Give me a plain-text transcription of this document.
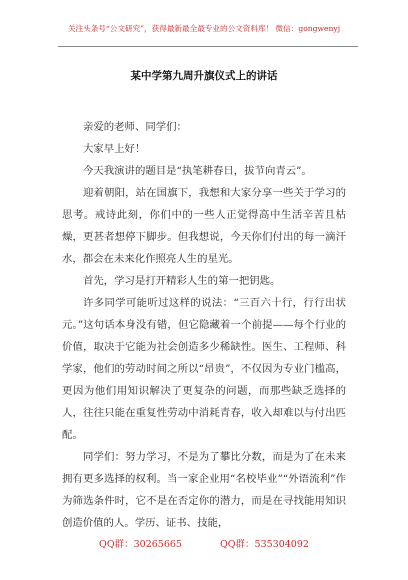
关注头条号“公文研究”，获得最新最全最专业的公文资料库！ 微信：gongwenyj
某中学第九周升旗仪式上的讲话

亲爱的老师、同学们：

大家早上好！

今天我演讲的题目是“执笔耕春日，拔节向青云”。

迎着朝阳，站在国旗下，我想和大家分享一些关于学习的思考。戒诗此刻，你们中的一些人正觉得高中生活辛苦且枯燥，更甚者想停下脚步。但我想说，今天你们付出的每一滴汗水，都会在未来化作照亮人生的星光。

首先，学习是打开精彩人生的第一把钥匙。

许多同学可能听过这样的说法：“三百六十行，行行出状元。”这句话本身没有错，但它隐藏着一个前提——每个行业的价值，取决于它能为社会创造多少稀缺性。医生、工程师、科学家，他们的劳动时间之所以“昂贵”，不仅因为专业门槛高，更因为他们用知识解决了更复杂的问题，而那些缺乏选择的人，往往只能在重复性劳动中消耗青春，收入却难以与付出匹配。

同学们：努力学习，不是为了攀比分数，而是为了在未来拥有更多选择的权利。当一家企业用“名校毕业”“外语流利”作为筛选条件时，它不是在否定你的潜力，而是在寻找能用知识创造价值的人。学历、证书、技能，

QQ群：30265665	QQ群：535304092
